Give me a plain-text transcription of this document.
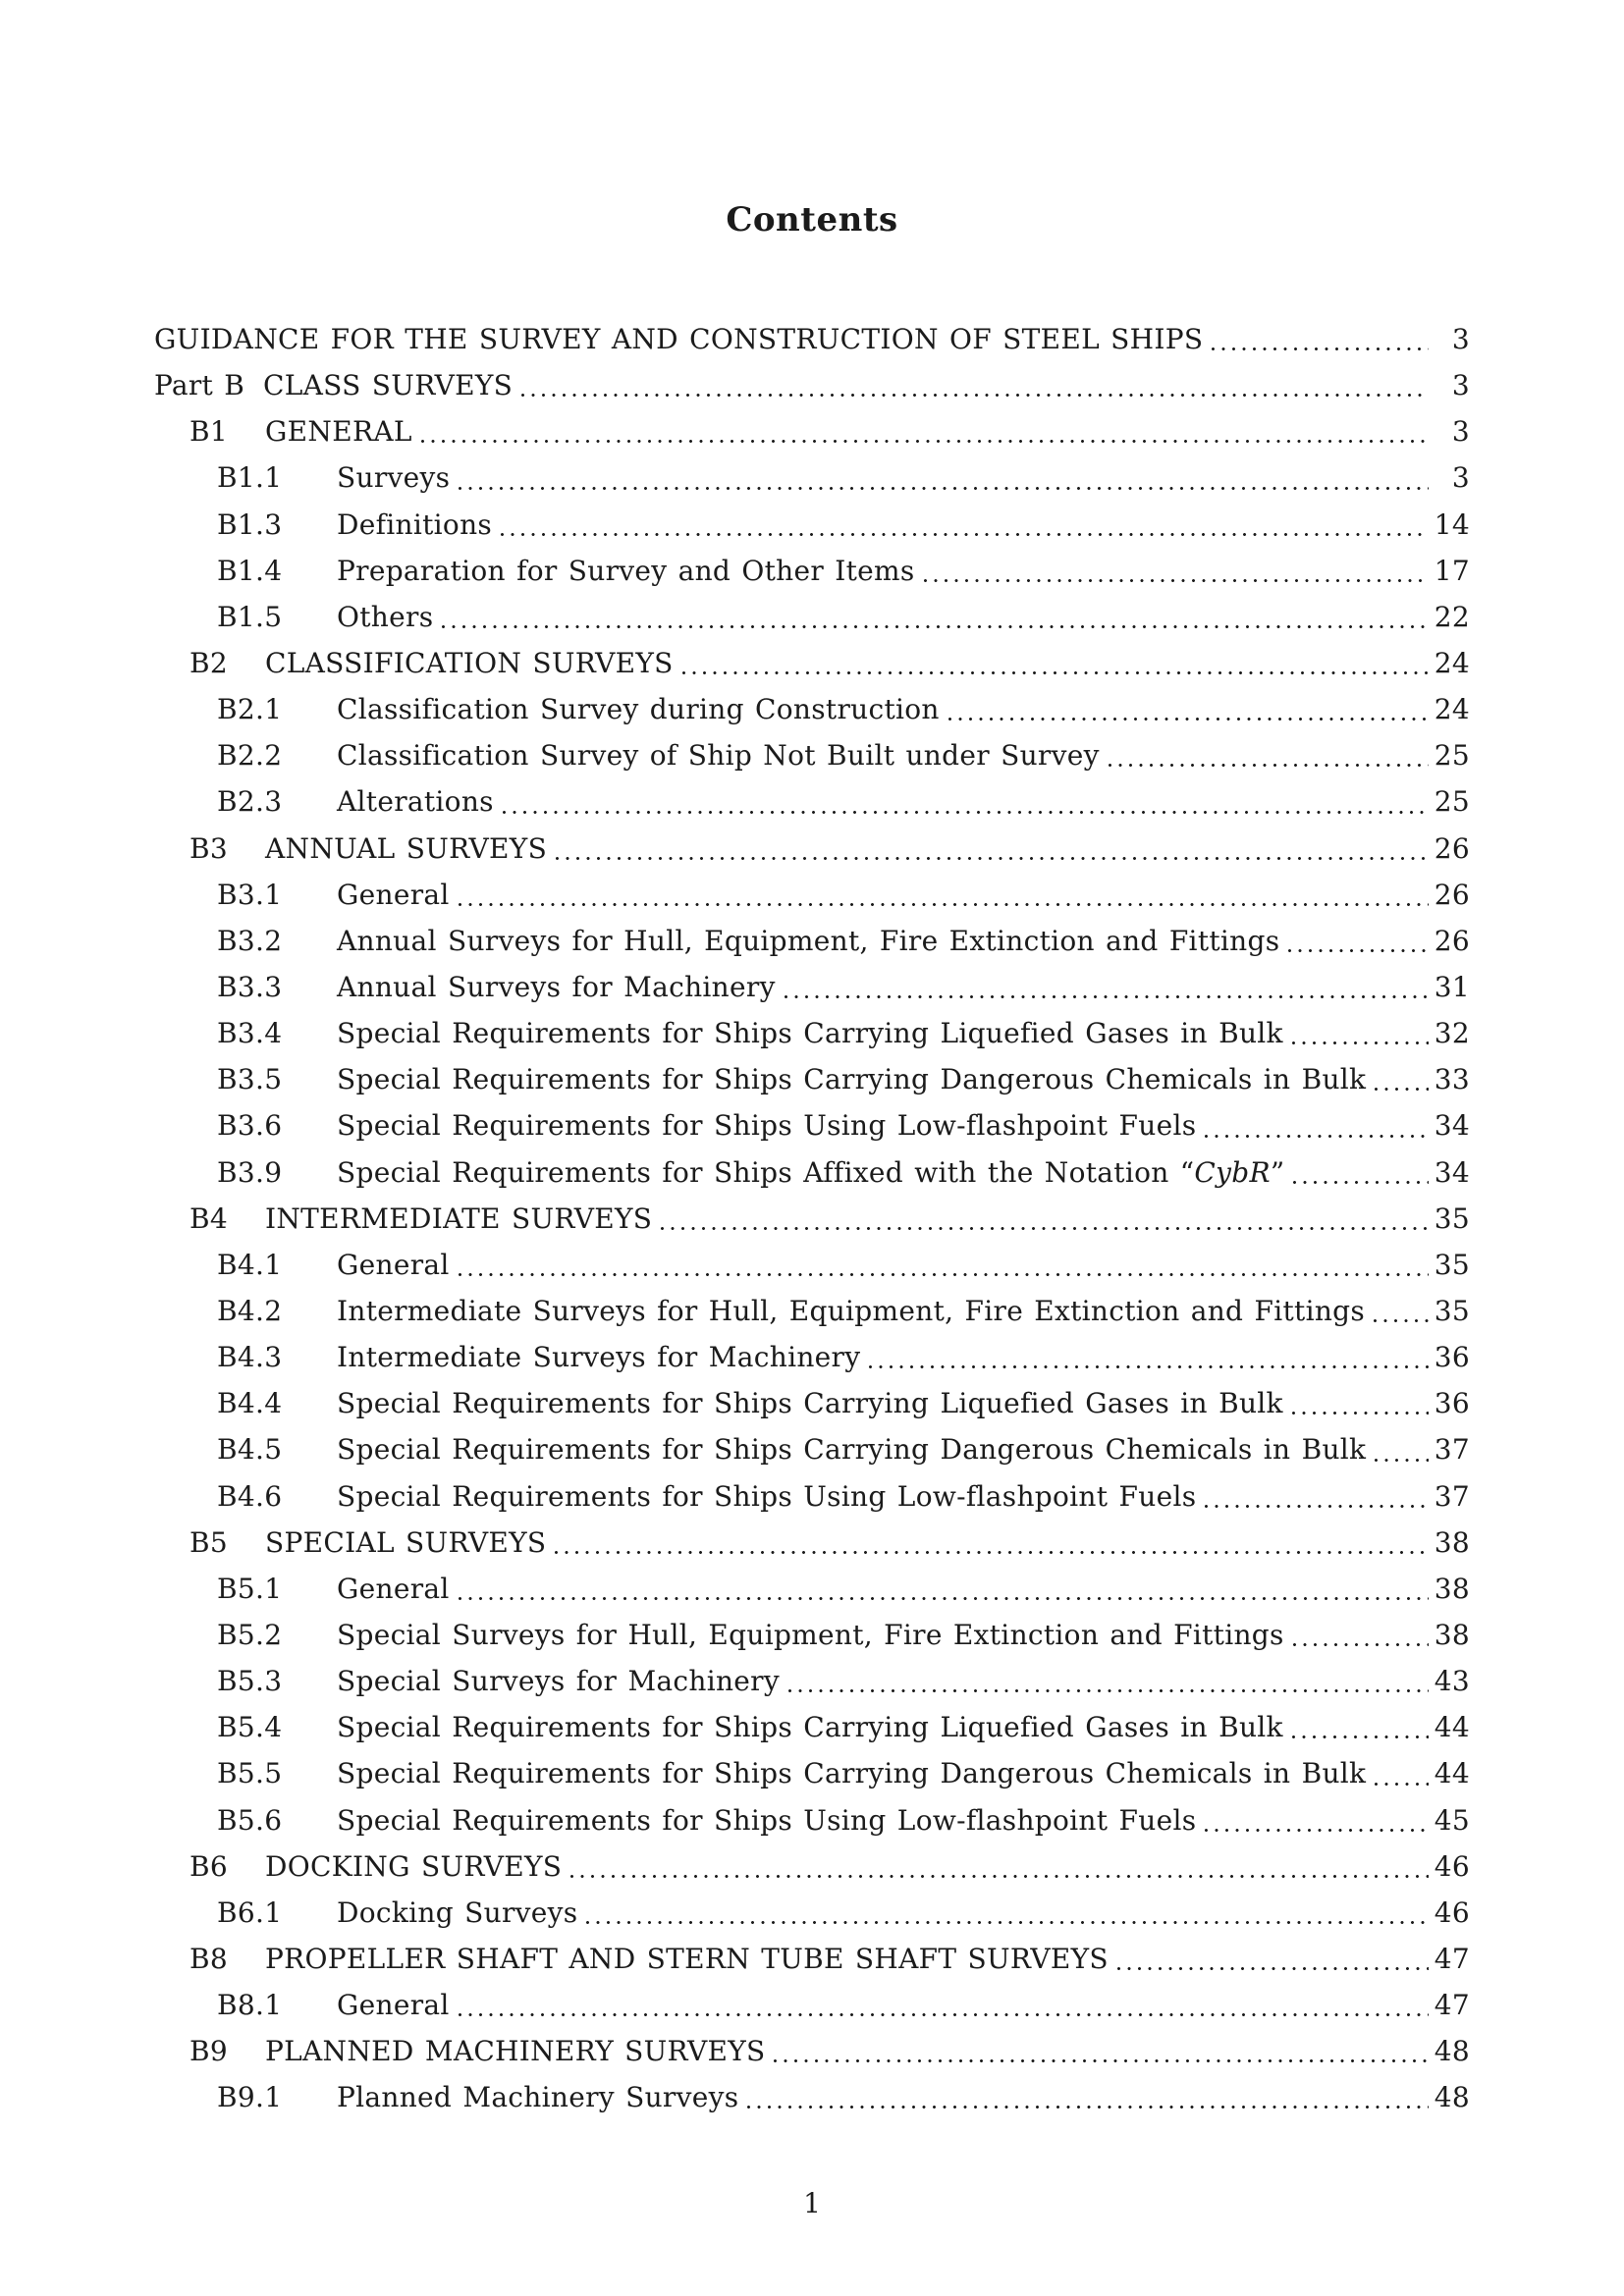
Contents
GUIDANCE FOR THE SURVEY AND CONSTRUCTION OF STEEL SHIPS	3
Part B CLASS SURVEYS	3
B1	GENERAL	3
B1.1	Surveys	3
B1.3	Definitions	14
B1.4	Preparation for Survey and Other Items	17
B1.5	Others	22
B2	CLASSIFICATION SURVEYS	24
B2.1	Classification Survey during Construction	24
B2.2	Classification Survey of Ship Not Built under Survey	25
B2.3	Alterations	25
B3	ANNUAL SURVEYS	26
B3.1	General	26
B3.2	Annual Surveys for Hull, Equipment, Fire Extinction and Fittings	26
B3.3	Annual Surveys for Machinery	31
B3.4	Special Requirements for Ships Carrying Liquefied Gases in Bulk	32
B3.5	Special Requirements for Ships Carrying Dangerous Chemicals in Bulk 33
B3.6	Special Requirements for Ships Using Low-flashpoint Fuels	34
B3.9	Special Requirements for Ships Affixed with the Notation “CybR”	34
B4	INTERMEDIATE SURVEYS	35
B4.1	General	35
B4.2	Intermediate Surveys for Hull, Equipment, Fire Extinction and Fittings	35
B4.3	Intermediate Surveys for Machinery	36
B4.4	Special Requirements for Ships Carrying Liquefied Gases in Bulk	36
B4.5	Special Requirements for Ships Carrying Dangerous Chemicals in Bulk 37
B4.6	Special Requirements for Ships Using Low-flashpoint Fuels	37
B5	SPECIAL SURVEYS	38
B5.1	General	38
B5.2	Special Surveys for Hull, Equipment, Fire Extinction and Fittings	38
B5.3	Special Surveys for Machinery	43
B5.4	Special Requirements for Ships Carrying Liquefied Gases in Bulk	44
B5.5	Special Requirements for Ships Carrying Dangerous Chemicals in Bulk 44
B5.6	Special Requirements for Ships Using Low-flashpoint Fuels	45
B6	DOCKING SURVEYS	46
B6.1	Docking Surveys	46
B8	PROPELLER SHAFT AND STERN TUBE SHAFT SURVEYS	47
B8.1	General	47
B9	PLANNED MACHINERY SURVEYS	48
B9.1	Planned Machinery Surveys	48
1
